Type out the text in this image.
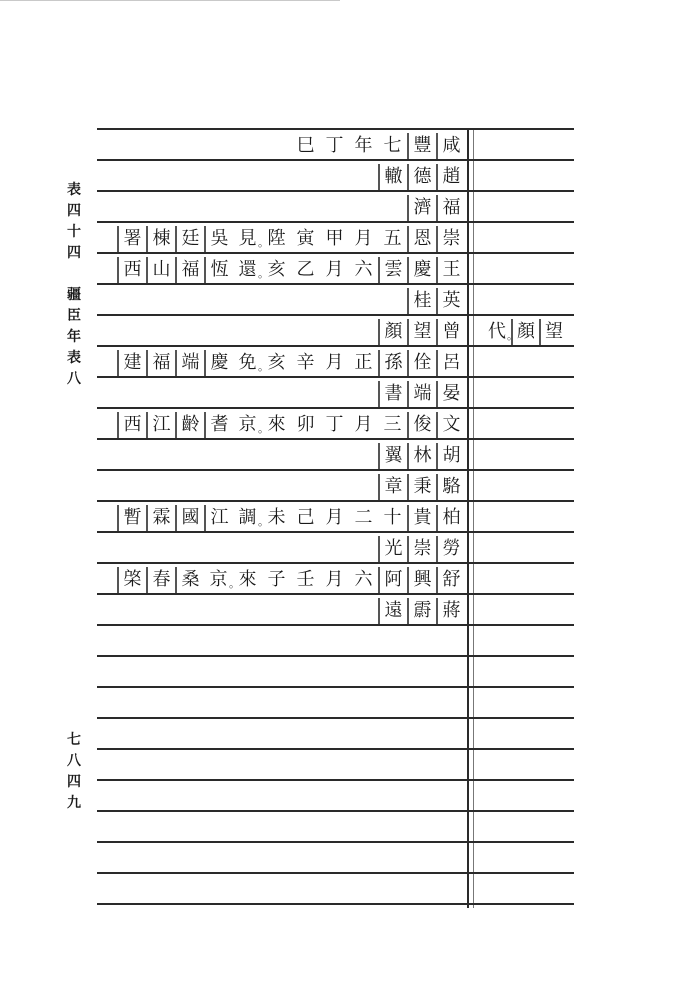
表
四
十
四

疆
臣
年
表
八
七
八
四
九
巳 丁 年 七 豐 咸
轍 德 趙
濟 福
署 棟 廷 吳 見 。 陞 寅 甲 月 五 恩 崇
西 山 福 恆 還 。 亥 乙 月 六 雲 慶 王
桂 英
顏 望 曾 代 。 顏 望
建 福 端 慶 免 。 亥 辛 月 正 孫 佺 呂
書 端 晏
西 江 齡 耆 京 。 來 卯 丁 月 三 俊 文
翼 林 胡
章 秉 駱
暫 霖 國 江 調 。 未 己 月 二 十 貴 柏
光 崇 勞
棨 春 桑 京 。 來 子 壬 月 六 阿 興 舒
遠 霨 蔣
